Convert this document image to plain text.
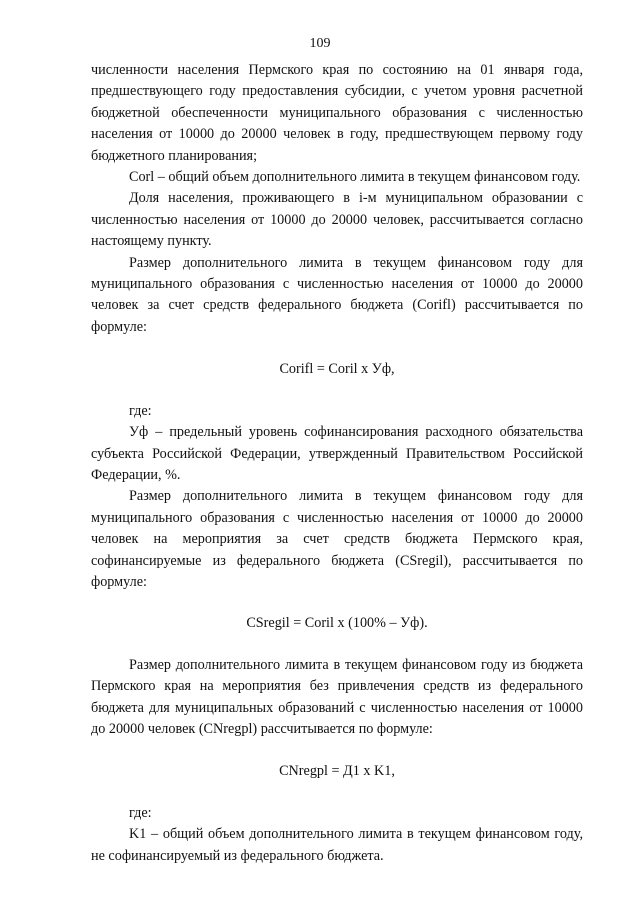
109

численности населения Пермского края по состоянию на 01 января года, предшествующего году предоставления субсидии, с учетом уровня расчетной бюджетной обеспеченности муниципального образования с численностью населения от 10000 до 20000 человек в году, предшествующем первому году бюджетного планирования;

Corl – общий объем дополнительного лимита в текущем финансовом году.

Доля населения, проживающего в i-м муниципальном образовании с численностью населения от 10000 до 20000 человек, рассчитывается согласно настоящему пункту.

Размер дополнительного лимита в текущем финансовом году для муниципального образования с численностью населения от 10000 до 20000 человек за счет средств федерального бюджета (Corifl) рассчитывается по формуле:

Corifl = Coril x Уф,

где:

Уф – предельный уровень софинансирования расходного обязательства субъекта Российской Федерации, утвержденный Правительством Российской Федерации, %.

Размер дополнительного лимита в текущем финансовом году для муниципального образования с численностью населения от 10000 до 20000 человек на мероприятия за счет средств бюджета Пермского края, софинансируемые из федерального бюджета (CSregil), рассчитывается по формуле:

CSregil = Coril x (100% – Уф).

Размер дополнительного лимита в текущем финансовом году из бюджета Пермского края на мероприятия без привлечения средств из федерального бюджета для муниципальных образований с численностью населения от 10000 до 20000 человек (CNregpl) рассчитывается по формуле:

CNregpl = Д1 x K1,

где:

K1 – общий объем дополнительного лимита в текущем финансовом году, не софинансируемый из федерального бюджета.
